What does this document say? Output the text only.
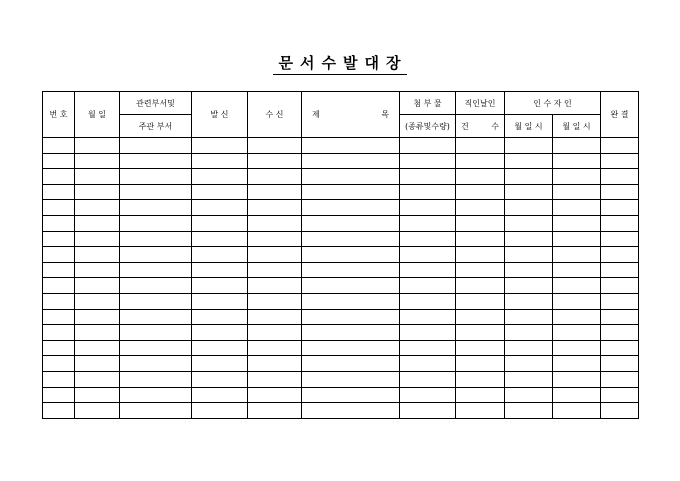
문서수발대장
번 호	월 일	관련부서및	발 신	수 신	제 목	첨 부 물	직인날인	인 수 자 인		완 결
		주관 부서				(종류및수량)	건 수	월 일 시	월 일 시	
